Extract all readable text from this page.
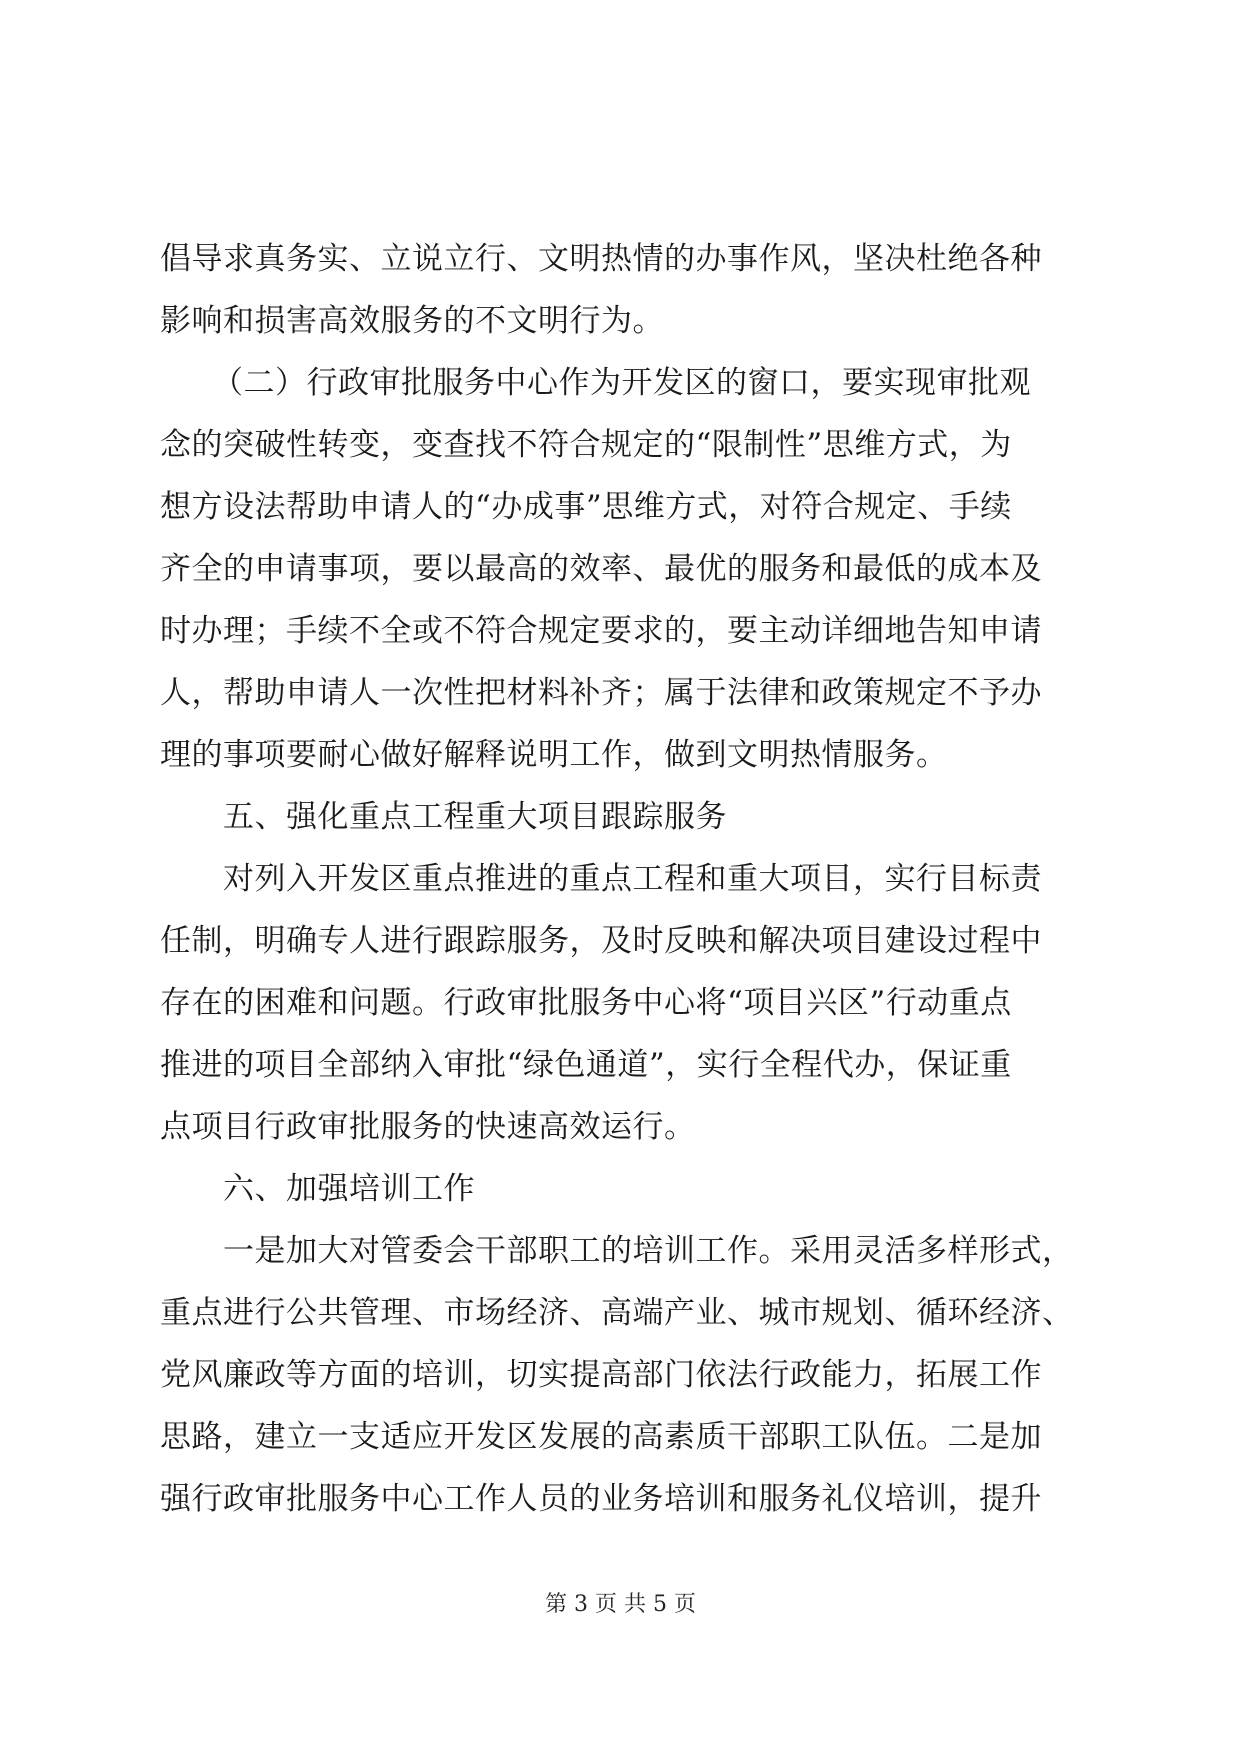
倡导求真务实、立说立行、文明热情的办事作风，坚决杜绝各种
影响和损害高效服务的不文明行为。
（二）行政审批服务中心作为开发区的窗口，要实现审批观
念的突破性转变，变查找不符合规定的“限制性”思维方式，为
想方设法帮助申请人的“办成事”思维方式，对符合规定、手续
齐全的申请事项，要以最高的效率、最优的服务和最低的成本及
时办理；手续不全或不符合规定要求的，要主动详细地告知申请
人，帮助申请人一次性把材料补齐；属于法律和政策规定不予办
理的事项要耐心做好解释说明工作，做到文明热情服务。
五、强化重点工程重大项目跟踪服务
对列入开发区重点推进的重点工程和重大项目，实行目标责
任制，明确专人进行跟踪服务，及时反映和解决项目建设过程中
存在的困难和问题。行政审批服务中心将“项目兴区”行动重点
推进的项目全部纳入审批“绿色通道”，实行全程代办，保证重
点项目行政审批服务的快速高效运行。
六、加强培训工作
一是加大对管委会干部职工的培训工作。采用灵活多样形式，
重点进行公共管理、市场经济、高端产业、城市规划、循环经济、
党风廉政等方面的培训，切实提高部门依法行政能力，拓展工作
思路，建立一支适应开发区发展的高素质干部职工队伍。二是加
强行政审批服务中心工作人员的业务培训和服务礼仪培训，提升
第 3 页 共 5 页
